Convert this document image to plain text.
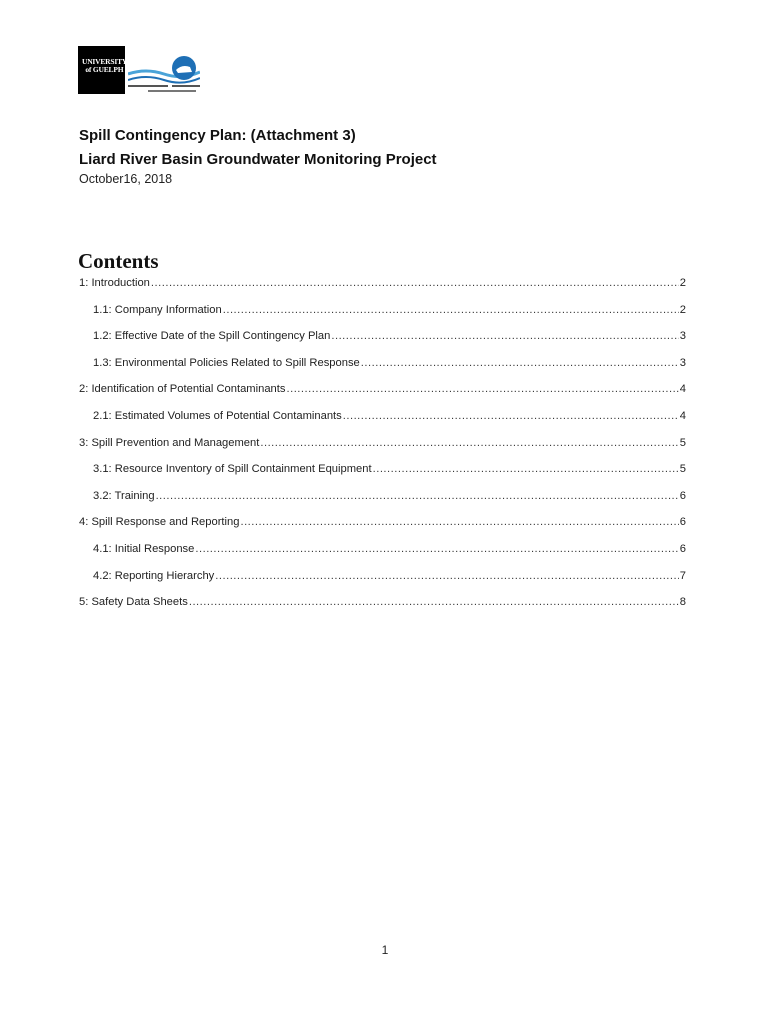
UNIVERSITY
of GUELPH
Spill Contingency Plan: (Attachment 3)
Liard River Basin Groundwater Monitoring Project
October16, 2018
Contents
1: Introduction .....	2
1.1: Company Information .....	2
1.2: Effective Date of the Spill Contingency Plan .....	3
1.3: Environmental Policies Related to Spill Response .....	3
2: Identification of Potential Contaminants .....	4
2.1: Estimated Volumes of Potential Contaminants .....	4
3: Spill Prevention and Management .....	5
3.1: Resource Inventory of Spill Containment Equipment .....	5
3.2: Training .....	6
4: Spill Response and Reporting .....	6
4.1: Initial Response .....	6
4.2: Reporting Hierarchy .....	7
5: Safety Data Sheets .....	8
1
